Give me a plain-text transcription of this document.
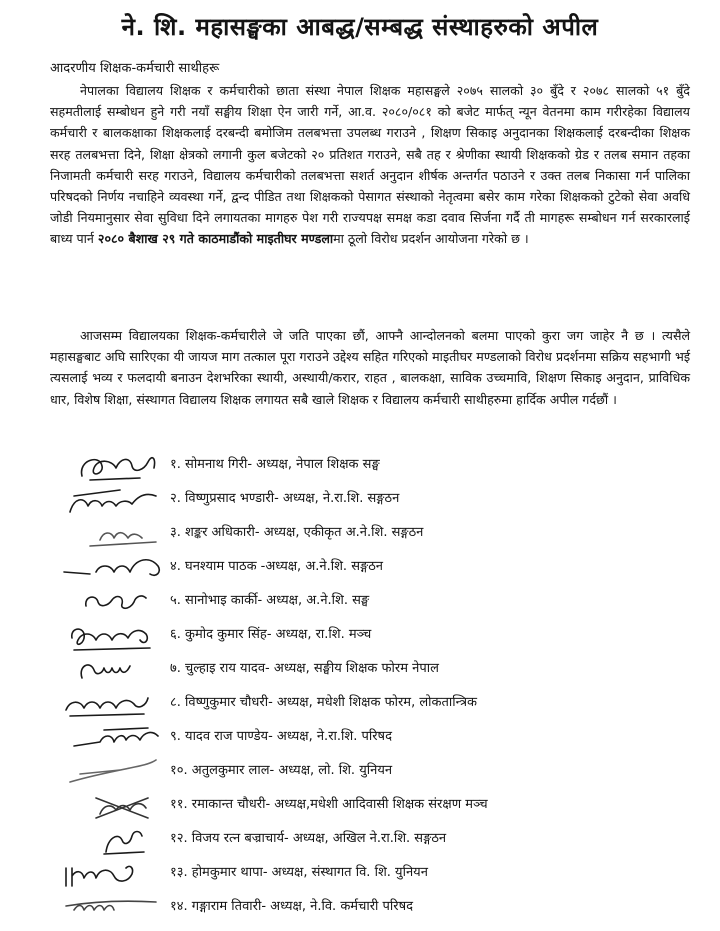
ने. शि. महासङ्घका आबद्ध/सम्बद्ध संस्थाहरुको अपील
आदरणीय शिक्षक-कर्मचारी साथीहरू

नेपालका विद्यालय शिक्षक र कर्मचारीको छाता संस्था नेपाल शिक्षक महासङ्घले २०७५ सालको ३० बुँदे र २०७८ सालको ५१ बुँदे सहमतीलाई सम्बोधन हुने गरी नयाँ सङ्घीय शिक्षा ऐन जारी गर्ने, आ.व. २०८०/०८१ को बजेट मार्फत् न्यून वेतनमा काम गरीरहेका विद्यालय कर्मचारी र बालकक्षाका शिक्षकलाई दरबन्दी बमोजिम तलबभत्ता उपलब्ध गराउने , शिक्षण सिकाइ अनुदानका शिक्षकलाई दरबन्दीका शिक्षक सरह तलबभत्ता दिने, शिक्षा क्षेत्रको लगानी कुल बजेटको २० प्रतिशत गराउने, सबै तह र श्रेणीका स्थायी शिक्षकको ग्रेड र तलब समान तहका निजामती कर्मचारी सरह गराउने, विद्यालय कर्मचारीको तलबभत्ता सशर्त अनुदान शीर्षक अन्तर्गत पठाउने र उक्त तलब निकासा गर्न पालिका परिषदको निर्णय नचाहिने व्यवस्था गर्ने, द्वन्द पीडित तथा शिक्षकको पेसागत संस्थाको नेतृत्वमा बसेर काम गरेका शिक्षकको टुटेको सेवा अवधि जोडी नियमानुसार सेवा सुविधा दिने लगायतका मागहरु पेश गरी राज्यपक्ष समक्ष कडा दवाव सिर्जना गर्दै ती मागहरू सम्बोधन गर्न सरकारलाई बाध्य पार्न २०८० बैशाख २९ गते काठमाडौंको माइतीघर मण्डलामा ठूलो विरोध प्रदर्शन आयोजना गरेको छ ।

आजसम्म विद्यालयका शिक्षक-कर्मचारीले जे जति पाएका छौं, आफ्नै आन्दोलनको बलमा पाएको कुरा जग जाहेर नै छ । त्यसैले महासङ्घबाट अघि सारिएका यी जायज माग तत्काल पूरा गराउने उद्देश्य सहित गरिएको माइतीघर मण्डलाको विरोध प्रदर्शनमा सक्रिय सहभागी भई त्यसलाई भव्य र फलदायी बनाउन देशभरिका स्थायी, अस्थायी/करार, राहत , बालकक्षा, साविक उच्चमावि, शिक्षण सिकाइ अनुदान, प्राविधिक धार, विशेष शिक्षा, संस्थागत विद्यालय शिक्षक लगायत सबै खाले शिक्षक र विद्यालय कर्मचारी साथीहरुमा हार्दिक अपील गर्दछौं ।

१. सोमनाथ गिरी- अध्यक्ष, नेपाल शिक्षक सङ्घ
२. विष्णुप्रसाद भण्डारी- अध्यक्ष, ने.रा.शि. सङ्गठन
३. शङ्कर अधिकारी- अध्यक्ष, एकीकृत अ.ने.शि. सङ्गठन
४. घनश्याम पाठक -अध्यक्ष, अ.ने.शि. सङ्गठन
५. सानोभाइ कार्की- अध्यक्ष, अ.ने.शि. सङ्घ
६. कुमोद कुमार सिंह- अध्यक्ष, रा.शि. मञ्च
७. चुल्हाइ राय यादव- अध्यक्ष, सङ्घीय शिक्षक फोरम नेपाल
८. विष्णुकुमार चौधरी- अध्यक्ष, मधेशी शिक्षक फोरम, लोकतान्त्रिक
९. यादव राज पाण्डेय- अध्यक्ष, ने.रा.शि. परिषद
१०. अतुलकुमार लाल- अध्यक्ष, लो. शि. युनियन
११. रमाकान्त चौधरी- अध्यक्ष,मधेशी आदिवासी शिक्षक संरक्षण मञ्च
१२. विजय रत्न बज्राचार्य- अध्यक्ष, अखिल ने.रा.शि. सङ्गठन
१३. होमकुमार थापा- अध्यक्ष, संस्थागत वि. शि. युनियन
१४. गङ्गाराम तिवारी- अध्यक्ष, ने.वि. कर्मचारी परिषद
